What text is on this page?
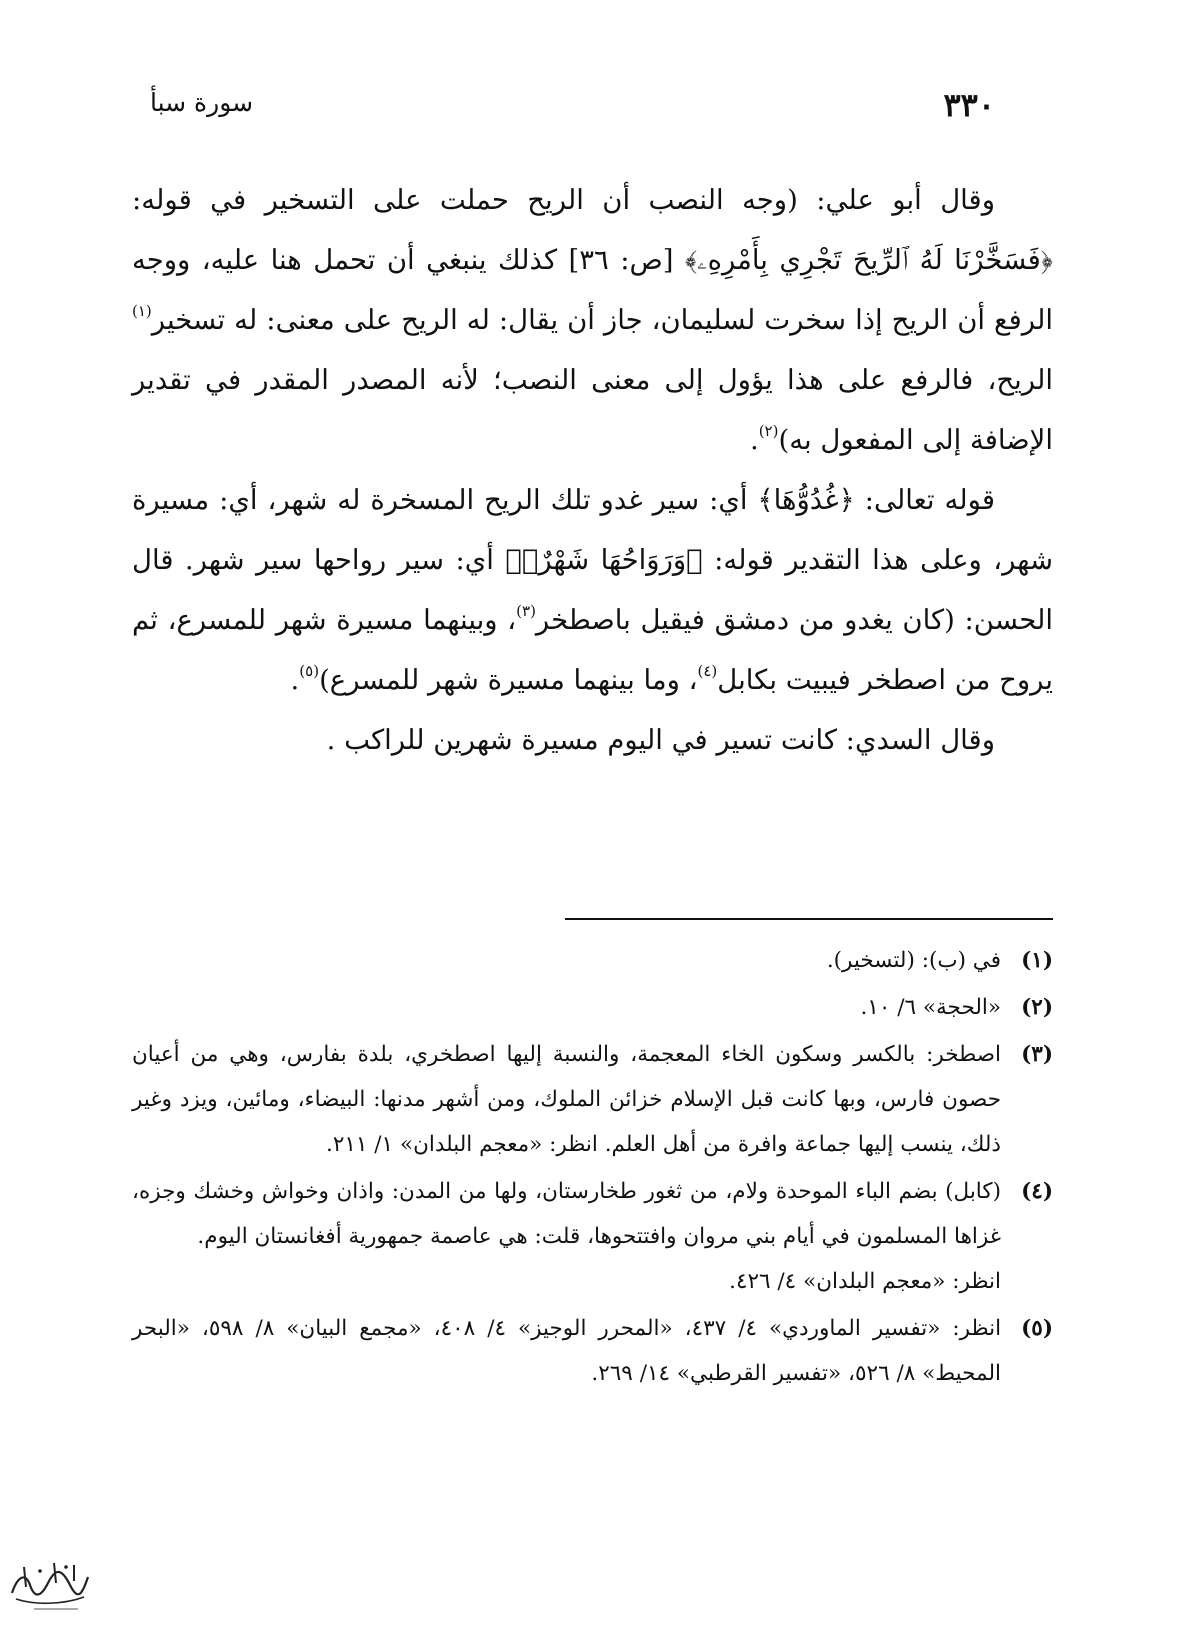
٣٣٠
سورة سبأ

وقال أبو علي: (وجه النصب أن الريح حملت على التسخير في قوله: ﴿فَسَخَّرْنَا لَهُ ٱلرِّيحَ تَجْرِي بِأَمْرِهِۦ﴾ [ص: ٣٦] كذلك ينبغي أن تحمل هنا عليه، ووجه الرفع أن الريح إذا سخرت لسليمان، جاز أن يقال: له الريح على معنى: له تسخير$^{(١)}$ الريح، فالرفع على هذا يؤول إلى معنى النصب؛ لأنه المصدر المقدر في تقدير الإضافة إلى المفعول به)$^{(٢)}$.

قوله تعالى: ﴿غُدُوُّهَا﴾ أي: سير غدو تلك الريح المسخرة له شهر، أي: مسيرة شهر، وعلى هذا التقدير قوله: ﴿وَرَوَاحُهَا شَهْرٌۖ﴾ أي: سير رواحها سير شهر. قال الحسن: (كان يغدو من دمشق فيقيل باصطخر$^{(٣)}$، وبينهما مسيرة شهر للمسرع، ثم يروح من اصطخر فيبيت بكابل$^{(٤)}$، وما بينهما مسيرة شهر للمسرع)$^{(٥)}$.

وقال السدي: كانت تسير في اليوم مسيرة شهرين للراكب .

(١)

في (ب): (لتسخير).

(٢)

«الحجة» ٦/ ١٠.

(٣)

اصطخر: بالكسر وسكون الخاء المعجمة، والنسبة إليها اصطخري، بلدة بفارس، وهي من أعيان حصون فارس، وبها كانت قبل الإسلام خزائن الملوك، ومن أشهر مدنها: البيضاء، ومائين، ويزد وغير ذلك، ينسب إليها جماعة وافرة من أهل العلم. انظر: «معجم البلدان» ١/ ٢١١.

(٤)

(كابل) بضم الباء الموحدة ولام، من ثغور طخارستان، ولها من المدن: واذان وخواش وخشك وجزه، غزاها المسلمون في أيام بني مروان وافتتحوها، قلت: هي عاصمة جمهورية أفغانستان اليوم.

انظر: «معجم البلدان» ٤/ ٤٢٦.

(٥)

انظر: «تفسير الماوردي» ٤/ ٤٣٧، «المحرر الوجيز» ٤/ ٤٠٨، «مجمع البيان» ٨/ ٥٩٨، «البحر المحيط» ٨/ ٥٢٦، «تفسير القرطبي» ١٤/ ٢٦٩.
